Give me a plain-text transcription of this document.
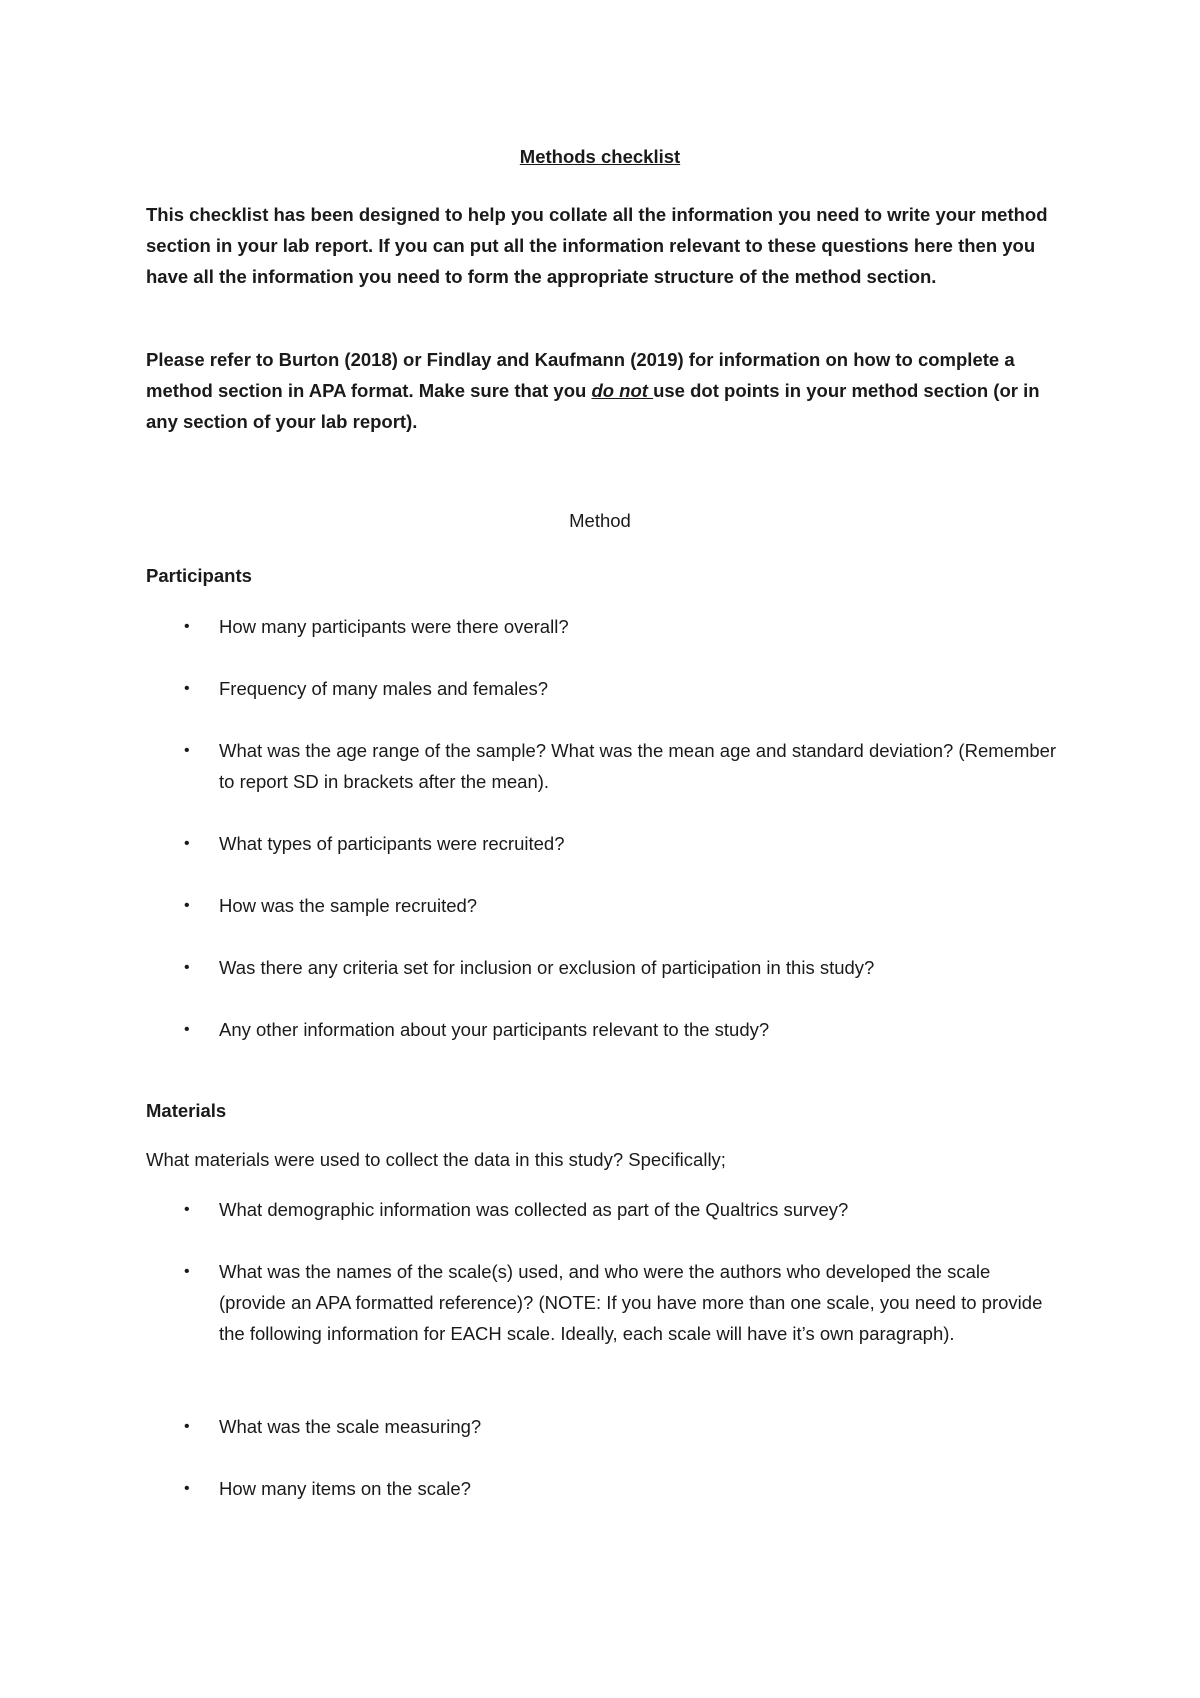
Methods checklist

This checklist has been designed to help you collate all the information you need to write your method section in your lab report. If you can put all the information relevant to these questions here then you have all the information you need to form the appropriate structure of the method section.

Please refer to Burton (2018) or Findlay and Kaufmann (2019) for information on how to complete a method section in APA format. Make sure that you do not use dot points in your method section (or in any section of your lab report).

Method

Participants

• How many participants were there overall?
• Frequency of many males and females?
• What was the age range of the sample? What was the mean age and standard deviation? (Remember to report SD in brackets after the mean).
• What types of participants were recruited?
• How was the sample recruited?
• Was there any criteria set for inclusion or exclusion of participation in this study?
• Any other information about your participants relevant to the study?

Materials

What materials were used to collect the data in this study? Specifically;

• What demographic information was collected as part of the Qualtrics survey?
• What was the names of the scale(s) used, and who were the authors who developed the scale (provide an APA formatted reference)? (NOTE: If you have more than one scale, you need to provide the following information for EACH scale. Ideally, each scale will have it’s own paragraph).
• What was the scale measuring?
• How many items on the scale?
